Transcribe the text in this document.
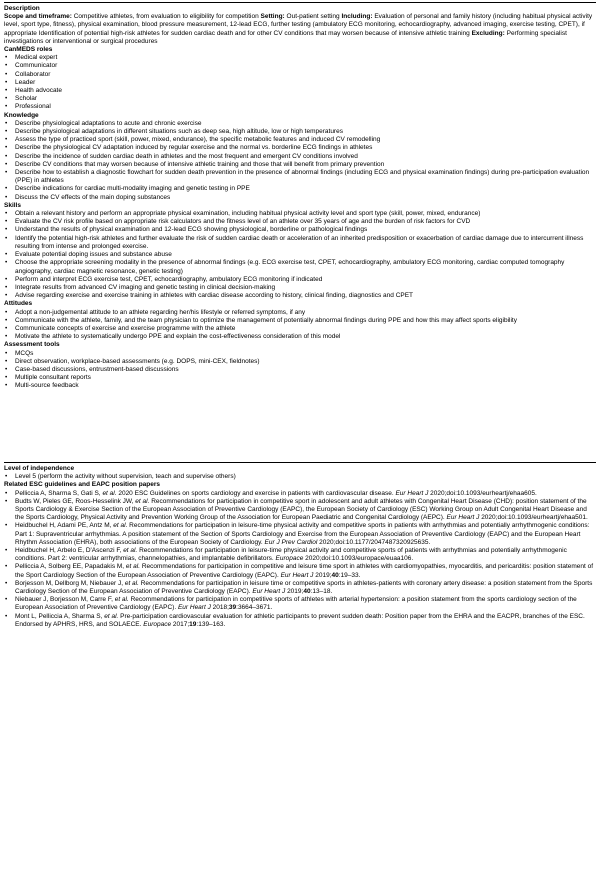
Description
Scope and timeframe: Competitive athletes, from evaluation to eligibility for competition Setting: Out-patient setting Including: Evaluation of personal and family history (including habitual physical activity level, sport type, fitness), physical examination, blood pressure measurement, 12-lead ECG, further testing (ambulatory ECG monitoring, echocardiography, advanced imaging, exercise testing, CPET), if appropriate Identification of potential high-risk athletes for sudden cardiac death and for other CV conditions that may worsen because of intensive athletic training Excluding: Performing specialist investigations or interventional or surgical procedures
CanMEDS roles
• Medical expert
• Communicator
• Collaborator
• Leader
• Health advocate
• Scholar
• Professional
Knowledge
• Describe physiological adaptations to acute and chronic exercise
• Describe physiological adaptations in different situations such as deep sea, high altitude, low or high temperatures
• Assess the type of practiced sport (skill, power, mixed, endurance), the specific metabolic features and induced CV remodelling
• Describe the physiological CV adaptation induced by regular exercise and the normal vs. borderline ECG findings in athletes
• Describe the incidence of sudden cardiac death in athletes and the most frequent and emergent CV conditions involved
• Describe CV conditions that may worsen because of intensive athletic training and those that will benefit from primary prevention
• Describe how to establish a diagnostic flowchart for sudden death prevention in the presence of abnormal findings (including ECG and physical examination findings) during pre-participation evaluation (PPE) in athletes
• Describe indications for cardiac multi-modality imaging and genetic testing in PPE
• Discuss the CV effects of the main doping substances
Skills
• Obtain a relevant history and perform an appropriate physical examination, including habitual physical activity level and sport type (skill, power, mixed, endurance)
• Evaluate the CV risk profile based on appropriate risk calculators and the fitness level of an athlete over 35 years of age and the burden of risk factors for CVD
• Understand the results of physical examination and 12-lead ECG showing physiological, borderline or pathological findings
• Identify the potential high-risk athletes and further evaluate the risk of sudden cardiac death or acceleration of an inherited predisposition or exacerbation of cardiac damage due to intercurrent illness resulting from intense and prolonged exercise.
• Evaluate potential doping issues and substance abuse
• Choose the appropriate screening modality in the presence of abnormal findings (e.g. ECG exercise test, CPET, echocardiography, ambulatory ECG monitoring, cardiac computed tomography angiography, cardiac magnetic resonance, genetic testing)
• Perform and interpret ECG exercise test, CPET, echocardiography, ambulatory ECG monitoring if indicated
• Integrate results from advanced CV imaging and genetic testing in clinical decision-making
• Advise regarding exercise and exercise training in athletes with cardiac disease according to history, clinical finding, diagnostics and CPET
Attitudes
• Adopt a non-judgemental attitude to an athlete regarding her/his lifestyle or referred symptoms, if any
• Communicate with the athlete, family, and the team physician to optimize the management of potentially abnormal findings during PPE and how this may affect sports eligibility
• Communicate concepts of exercise and exercise programme with the athlete
• Motivate the athlete to systematically undergo PPE and explain the cost-effectiveness consideration of this model
Assessment tools
• MCQs
• Direct observation, workplace-based assessments (e.g. DOPS, mini-CEX, fieldnotes)
• Case-based discussions, entrustment-based discussions
• Multiple consultant reports
• Multi-source feedback
Level of independence
• Level 5 (perform the activity without supervision, teach and supervise others)
Related ESC guidelines and EAPC position papers
• Pelliccia A, Sharma S, Gati S, et al. 2020 ESC Guidelines on sports cardiology and exercise in patients with cardiovascular disease. Eur Heart J 2020;doi:10.1093/eurheartj/ehaa605.
• Budts W, Pieles GE, Roos-Hesselink JW, et al. Recommendations for participation in competitive sport in adolescent and adult athletes with Congenital Heart Disease (CHD): position statement of the Sports Cardiology & Exercise Section of the European Association of Preventive Cardiology (EAPC), the European Society of Cardiology (ESC) Working Group on Adult Congenital Heart Disease and the Sports Cardiology, Physical Activity and Prevention Working Group of the Association for European Paediatric and Congenital Cardiology (AEPC). Eur Heart J 2020;doi:10.1093/eurheartj/ehaa501.
• Heidbuchel H, Adami PE, Antz M, et al. Recommendations for participation in leisure-time physical activity and competitive sports in patients with arrhythmias and potentially arrhythmogenic conditions: Part 1: Supraventricular arrhythmias. A position statement of the Section of Sports Cardiology and Exercise from the European Association of Preventive Cardiology (EAPC) and the European Heart Rhythm Association (EHRA), both associations of the European Society of Cardiology. Eur J Prev Cardiol 2020;doi:10.1177/2047487320925635.
• Heidbuchel H, Arbelo E, D'Ascenzi F, et al. Recommendations for participation in leisure-time physical activity and competitive sports of patients with arrhythmias and potentially arrhythmogenic conditions. Part 2: ventricular arrhythmias, channelopathies, and implantable defibrillators. Europace 2020;doi:10.1093/europace/euaa106.
• Pelliccia A, Solberg EE, Papadakis M, et al. Recommendations for participation in competitive and leisure time sport in athletes with cardiomyopathies, myocarditis, and pericarditis: position statement of the Sport Cardiology Section of the European Association of Preventive Cardiology (EAPC). Eur Heart J 2019;40:19–33.
• Borjesson M, Dellborg M, Niebauer J, et al. Recommendations for participation in leisure time or competitive sports in athletes-patients with coronary artery disease: a position statement from the Sports Cardiology Section of the European Association of Preventive Cardiology (EAPC). Eur Heart J 2019;40:13–18.
• Niebauer J, Borjesson M, Carre F, et al. Recommendations for participation in competitive sports of athletes with arterial hypertension: a position statement from the sports cardiology section of the European Association of Preventive Cardiology (EAPC). Eur Heart J 2018;39:3664–3671.
• Mont L, Pelliccia A, Sharma S, et al. Pre-participation cardiovascular evaluation for athletic participants to prevent sudden death: Position paper from the EHRA and the EACPR, branches of the ESC. Endorsed by APHRS, HRS, and SOLAECE. Europace 2017;19:139–163.
